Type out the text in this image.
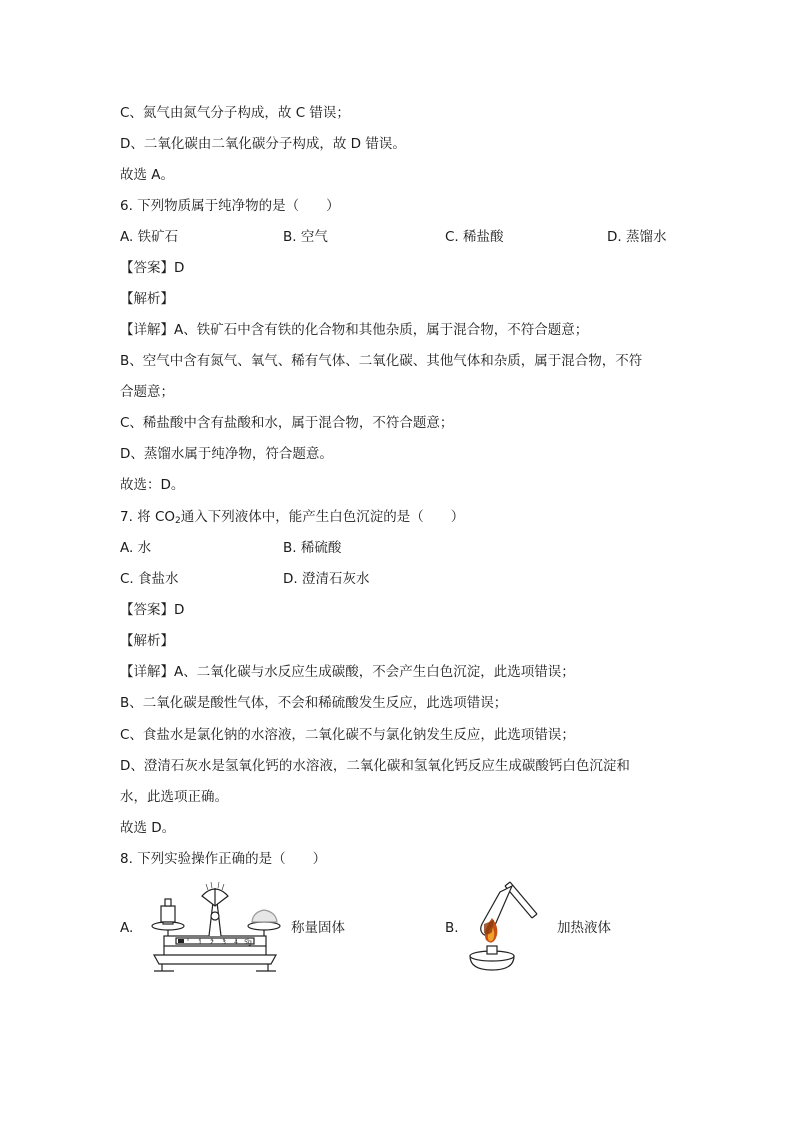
C、氮气由氮气分子构成，故 C 错误；
D、二氧化碳由二氧化碳分子构成，故 D 错误。
故选 A。
6. 下列物质属于纯净物的是（　　）
A. 铁矿石	B. 空气	C. 稀盐酸	D. 蒸馏水
【答案】D
【解析】
【详解】A、铁矿石中含有铁的化合物和其他杂质，属于混合物，不符合题意；
B、空气中含有氮气、氧气、稀有气体、二氧化碳、其他气体和杂质，属于混合物，不符
合题意；
C、稀盐酸中含有盐酸和水，属于混合物，不符合题意；
D、蒸馏水属于纯净物，符合题意。
故选：D。
7. 将 $CO_2$通入下列液体中，能产生白色沉淀的是（　　）
A. 水	B. 稀硫酸
C. 食盐水	D. 澄清石灰水
【答案】D
【解析】
【详解】A、二氧化碳与水反应生成碳酸，不会产生白色沉淀，此选项错误；
B、二氧化碳是酸性气体，不会和稀硫酸发生反应，此选项错误；
C、食盐水是氯化钠的水溶液，二氧化碳不与氯化钠发生反应，此选项错误；
D、澄清石灰水是氢氧化钙的水溶液，二氧化碳和氢氧化钙反应生成碳酸钙白色沉淀和
水，此选项正确。
故选 D。
8. 下列实验操作正确的是（　　）
A.
1 2 3 4 5g
称量固体	B.	加热液体
